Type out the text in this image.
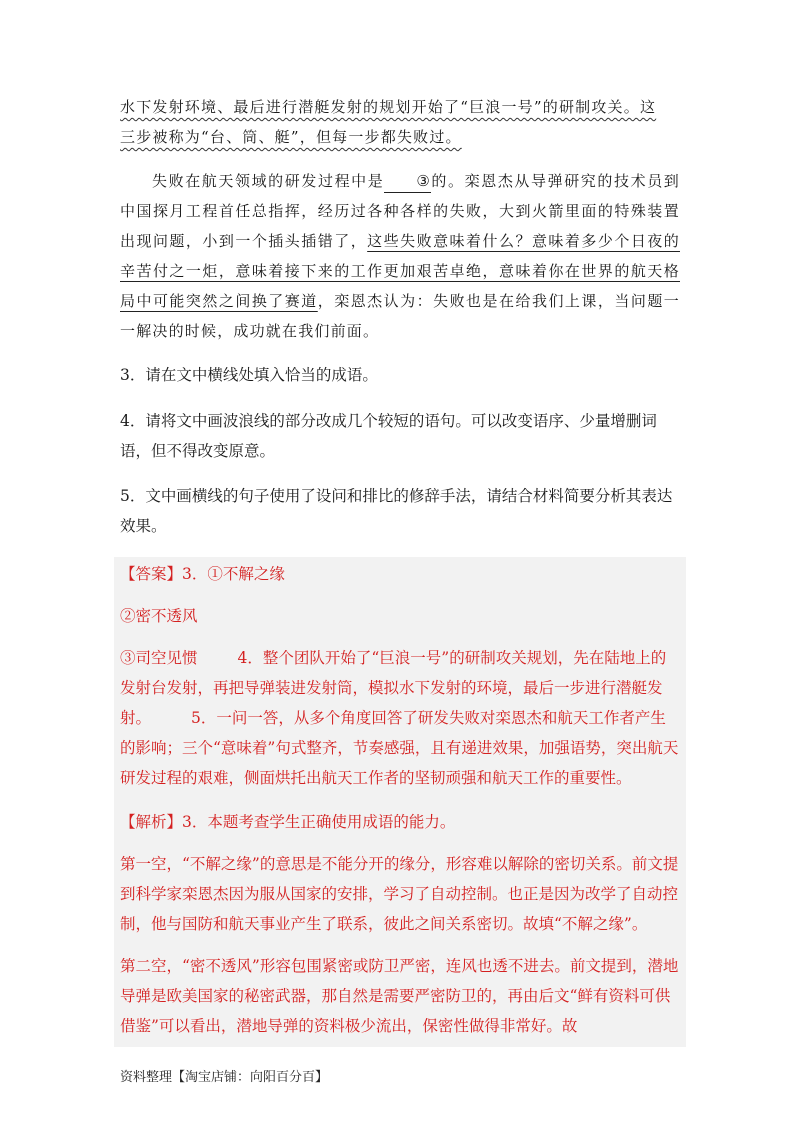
水下发射环境、最后进行潜艇发射的规划开始了“巨浪一号”的研制攻关。这
三步被称为“台、筒、艇”，但每一步都失败过。

失败在航天领域的研发过程中是 ③的。栾恩杰从导弹研究的技术员到中国探月工程首任总指挥，经历过各种各样的失败，大到火箭里面的特殊装置出现问题，小到一个插头插错了，这些失败意味着什么？意味着多少个日夜的辛苦付之一炬，意味着接下来的工作更加艰苦卓绝，意味着你在世界的航天格局中可能突然之间换了赛道，栾恩杰认为：失败也是在给我们上课，当问题一一解决的时候，成功就在我们前面。

3．请在文中横线处填入恰当的成语。

4．请将文中画波浪线的部分改成几个较短的语句。可以改变语序、少量增删词语，但不得改变原意。

5．文中画横线的句子使用了设问和排比的修辞手法，请结合材料简要分析其表达效果。

【答案】3．①不解之缘

②密不透风

③司空见惯	4．整个团队开始了“巨浪一号”的研制攻关规划，先在陆地上的发射台发射，再把导弹装进发射筒，模拟水下发射的环境，最后一步进行潜艇发射。	5．一问一答，从多个角度回答了研发失败对栾恩杰和航天工作者产生的影响；三个“意味着”句式整齐，节奏感强，且有递进效果，加强语势，突出航天研发过程的艰难，侧面烘托出航天工作者的坚韧顽强和航天工作的重要性。

【解析】3．本题考查学生正确使用成语的能力。

第一空，“不解之缘”的意思是不能分开的缘分，形容难以解除的密切关系。前文提到科学家栾恩杰因为服从国家的安排，学习了自动控制。也正是因为改学了自动控制，他与国防和航天事业产生了联系，彼此之间关系密切。故填“不解之缘”。

第二空，“密不透风”形容包围紧密或防卫严密，连风也透不进去。前文提到，潜地导弹是欧美国家的秘密武器，那自然是需要严密防卫的，再由后文“鲜有资料可供借鉴”可以看出，潜地导弹的资料极少流出，保密性做得非常好。故

资料整理【淘宝店铺：向阳百分百】
